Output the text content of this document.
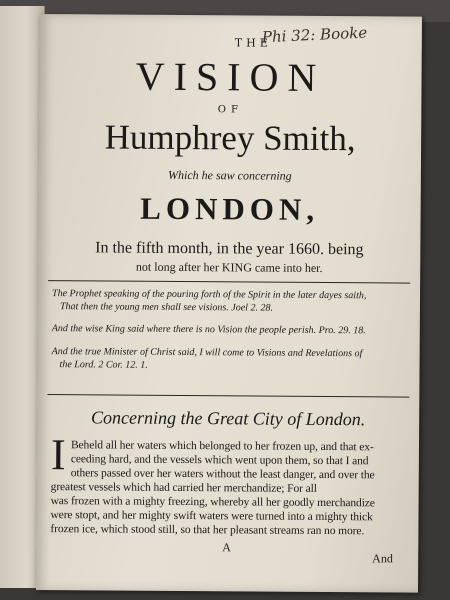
Phi 32: Booke
THE
VISION
OF
Humphrey Smith,
Which he saw concerning
LONDON,
In the fifth month, in the year 1660. being
not long after her KING came into her.
The Prophet speaking of the pouring forth of the Spirit in the later dayes saith,
That then the young men shall see visions. Joel 2. 28.
And the wise King said where there is no Vision the people perish. Pro. 29. 18.
And the true Minister of Christ said, I will come to Visions and Revelations of
the Lord. 2 Cor. 12. 1.
Concerning the Great City of London.
I Beheld all her waters which belonged to her frozen up, and that ex-
ceeding hard, and the vessels which went upon them, so that I and
others passed over her waters without the least danger, and over the
greatest vessels which had carried her merchandize; For all
was frozen with a mighty freezing, whereby all her goodly merchandize
were stopt, and her mighty swift waters were turned into a mighty thick
frozen ice, which stood still, so that her pleasant streams ran no more.
A
And
